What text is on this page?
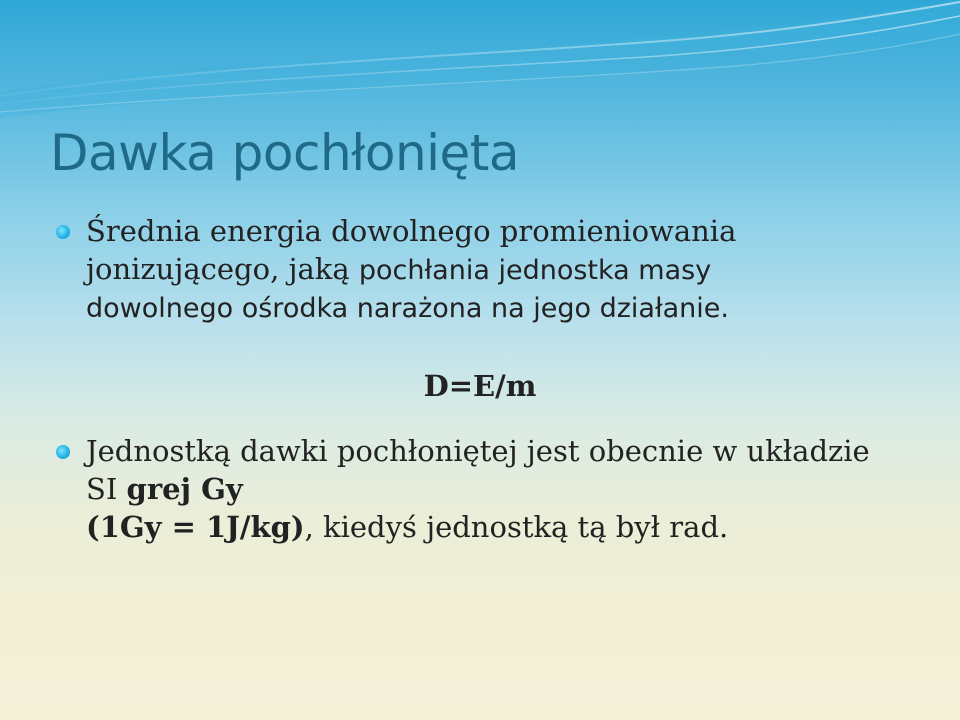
Dawka pochłonięta
Średnia energia dowolnego promieniowania
jonizującego, jaką pochłania jednostka masy
dowolnego ośrodka narażona na jego działanie.
D=E/m
Jednostką dawki pochłoniętej jest obecnie w układzie
SI grej Gy
(1Gy = 1J/kg), kiedyś jednostką tą był rad.
